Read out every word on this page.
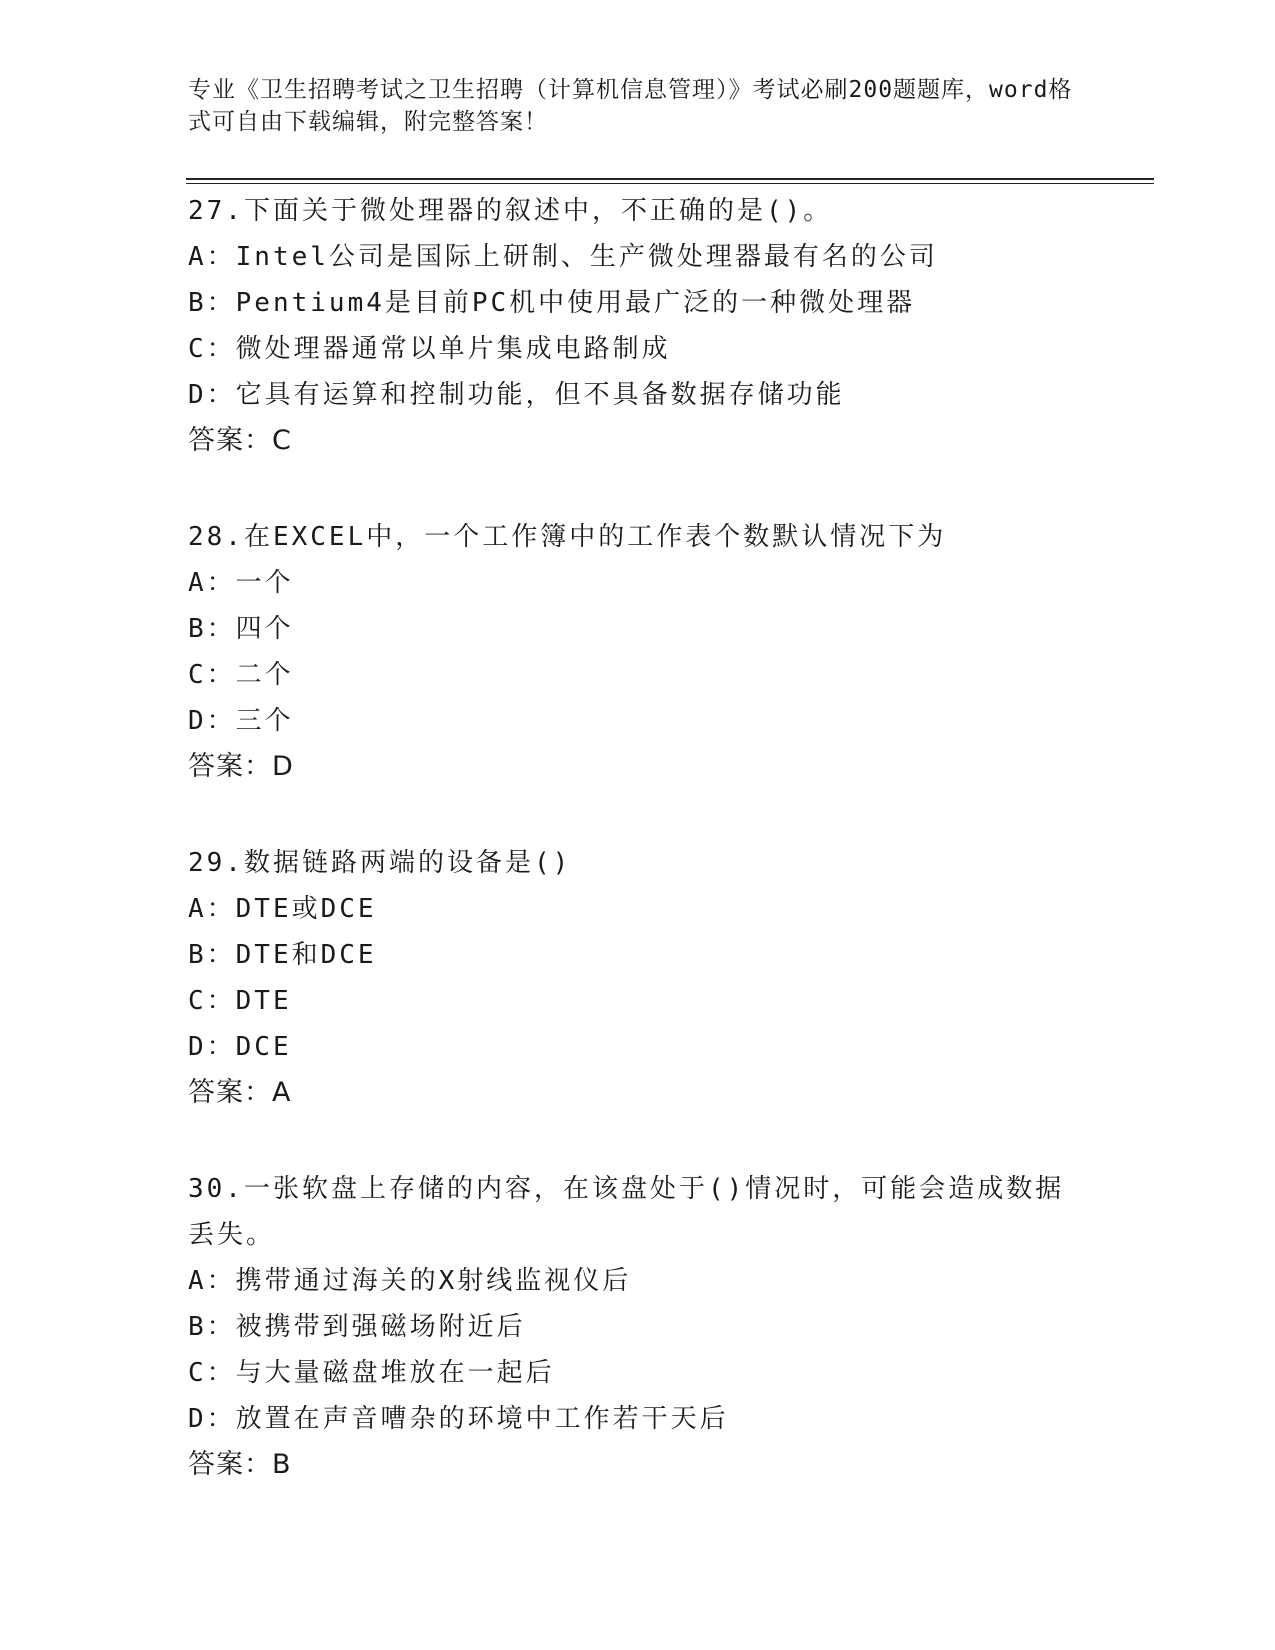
专业《卫生招聘考试之卫生招聘（计算机信息管理）》考试必刷200题题库，word格式可自由下载编辑，附完整答案！
27.下面关于微处理器的叙述中，不正确的是()。
A：Intel公司是国际上研制、生产微处理器最有名的公司
B：Pentium4是目前PC机中使用最广泛的一种微处理器
C：微处理器通常以单片集成电路制成
D：它具有运算和控制功能，但不具备数据存储功能
答案：C
28.在EXCEL中，一个工作簿中的工作表个数默认情况下为
A：一个
B：四个
C：二个
D：三个
答案：D
29.数据链路两端的设备是()
A：DTE或DCE
B：DTE和DCE
C：DTE
D：DCE
答案：A
30.一张软盘上存储的内容，在该盘处于()情况时，可能会造成数据丢失。
A：携带通过海关的X射线监视仪后
B：被携带到强磁场附近后
C：与大量磁盘堆放在一起后
D：放置在声音嘈杂的环境中工作若干天后
答案：B
